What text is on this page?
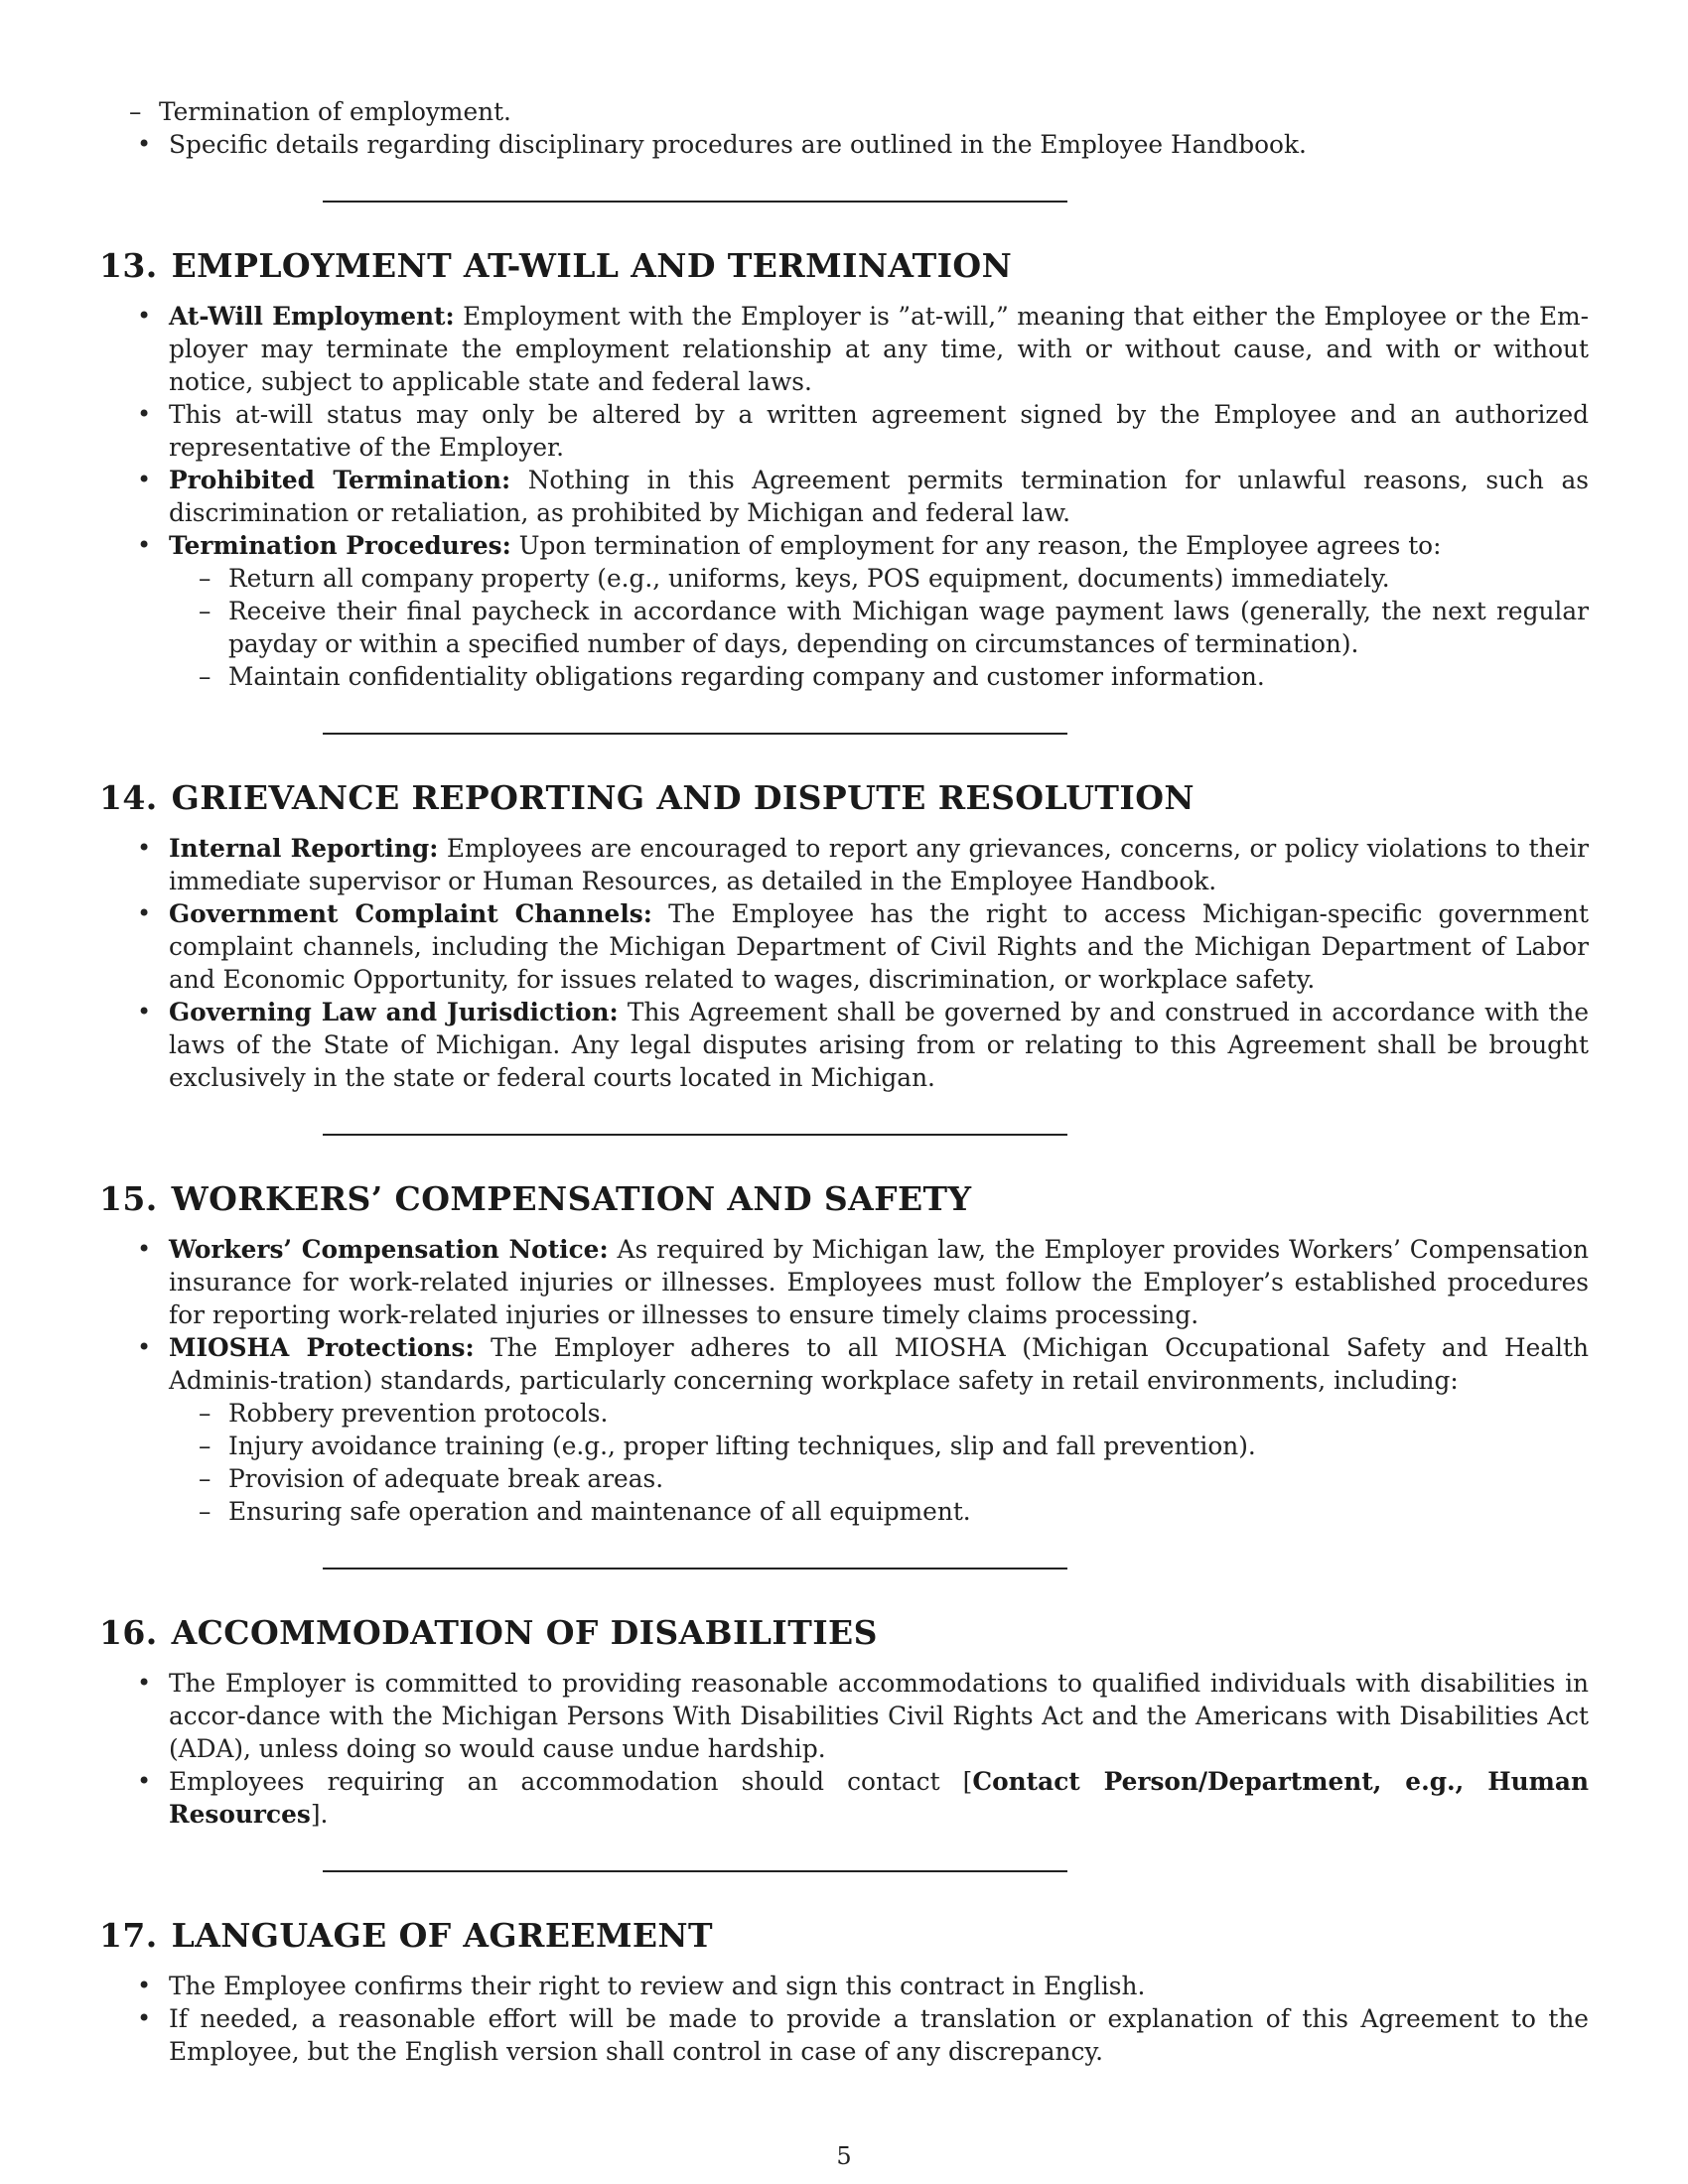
– Termination of employment.
• Specific details regarding disciplinary procedures are outlined in the Employee Handbook.
13. EMPLOYMENT AT-WILL AND TERMINATION
• At-Will Employment: Employment with the Employer is ”at-will,” meaning that either the Employee or the Em-ployer may terminate the employment relationship at any time, with or without cause, and with or without notice, subject to applicable state and federal laws.
• This at-will status may only be altered by a written agreement signed by the Employee and an authorized representative of the Employer.
• Prohibited Termination: Nothing in this Agreement permits termination for unlawful reasons, such as discrimination or retaliation, as prohibited by Michigan and federal law.
• Termination Procedures: Upon termination of employment for any reason, the Employee agrees to:
– Return all company property (e.g., uniforms, keys, POS equipment, documents) immediately.
– Receive their final paycheck in accordance with Michigan wage payment laws (generally, the next regular payday or within a specified number of days, depending on circumstances of termination).
– Maintain confidentiality obligations regarding company and customer information.
14. GRIEVANCE REPORTING AND DISPUTE RESOLUTION
• Internal Reporting: Employees are encouraged to report any grievances, concerns, or policy violations to their immediate supervisor or Human Resources, as detailed in the Employee Handbook.
• Government Complaint Channels: The Employee has the right to access Michigan-specific government complaint channels, including the Michigan Department of Civil Rights and the Michigan Department of Labor and Economic Opportunity, for issues related to wages, discrimination, or workplace safety.
• Governing Law and Jurisdiction: This Agreement shall be governed by and construed in accordance with the laws of the State of Michigan. Any legal disputes arising from or relating to this Agreement shall be brought exclusively in the state or federal courts located in Michigan.
15. WORKERS’ COMPENSATION AND SAFETY
• Workers’ Compensation Notice: As required by Michigan law, the Employer provides Workers’ Compensation insurance for work-related injuries or illnesses. Employees must follow the Employer’s established procedures for reporting work-related injuries or illnesses to ensure timely claims processing.
• MIOSHA Protections: The Employer adheres to all MIOSHA (Michigan Occupational Safety and Health Adminis-tration) standards, particularly concerning workplace safety in retail environments, including:
– Robbery prevention protocols.
– Injury avoidance training (e.g., proper lifting techniques, slip and fall prevention).
– Provision of adequate break areas.
– Ensuring safe operation and maintenance of all equipment.
16. ACCOMMODATION OF DISABILITIES
• The Employer is committed to providing reasonable accommodations to qualified individuals with disabilities in accor-dance with the Michigan Persons With Disabilities Civil Rights Act and the Americans with Disabilities Act (ADA), unless doing so would cause undue hardship.
• Employees requiring an accommodation should contact [Contact Person/Department, e.g., Human Resources].
17. LANGUAGE OF AGREEMENT
• The Employee confirms their right to review and sign this contract in English.
• If needed, a reasonable effort will be made to provide a translation or explanation of this Agreement to the Employee, but the English version shall control in case of any discrepancy.
5
